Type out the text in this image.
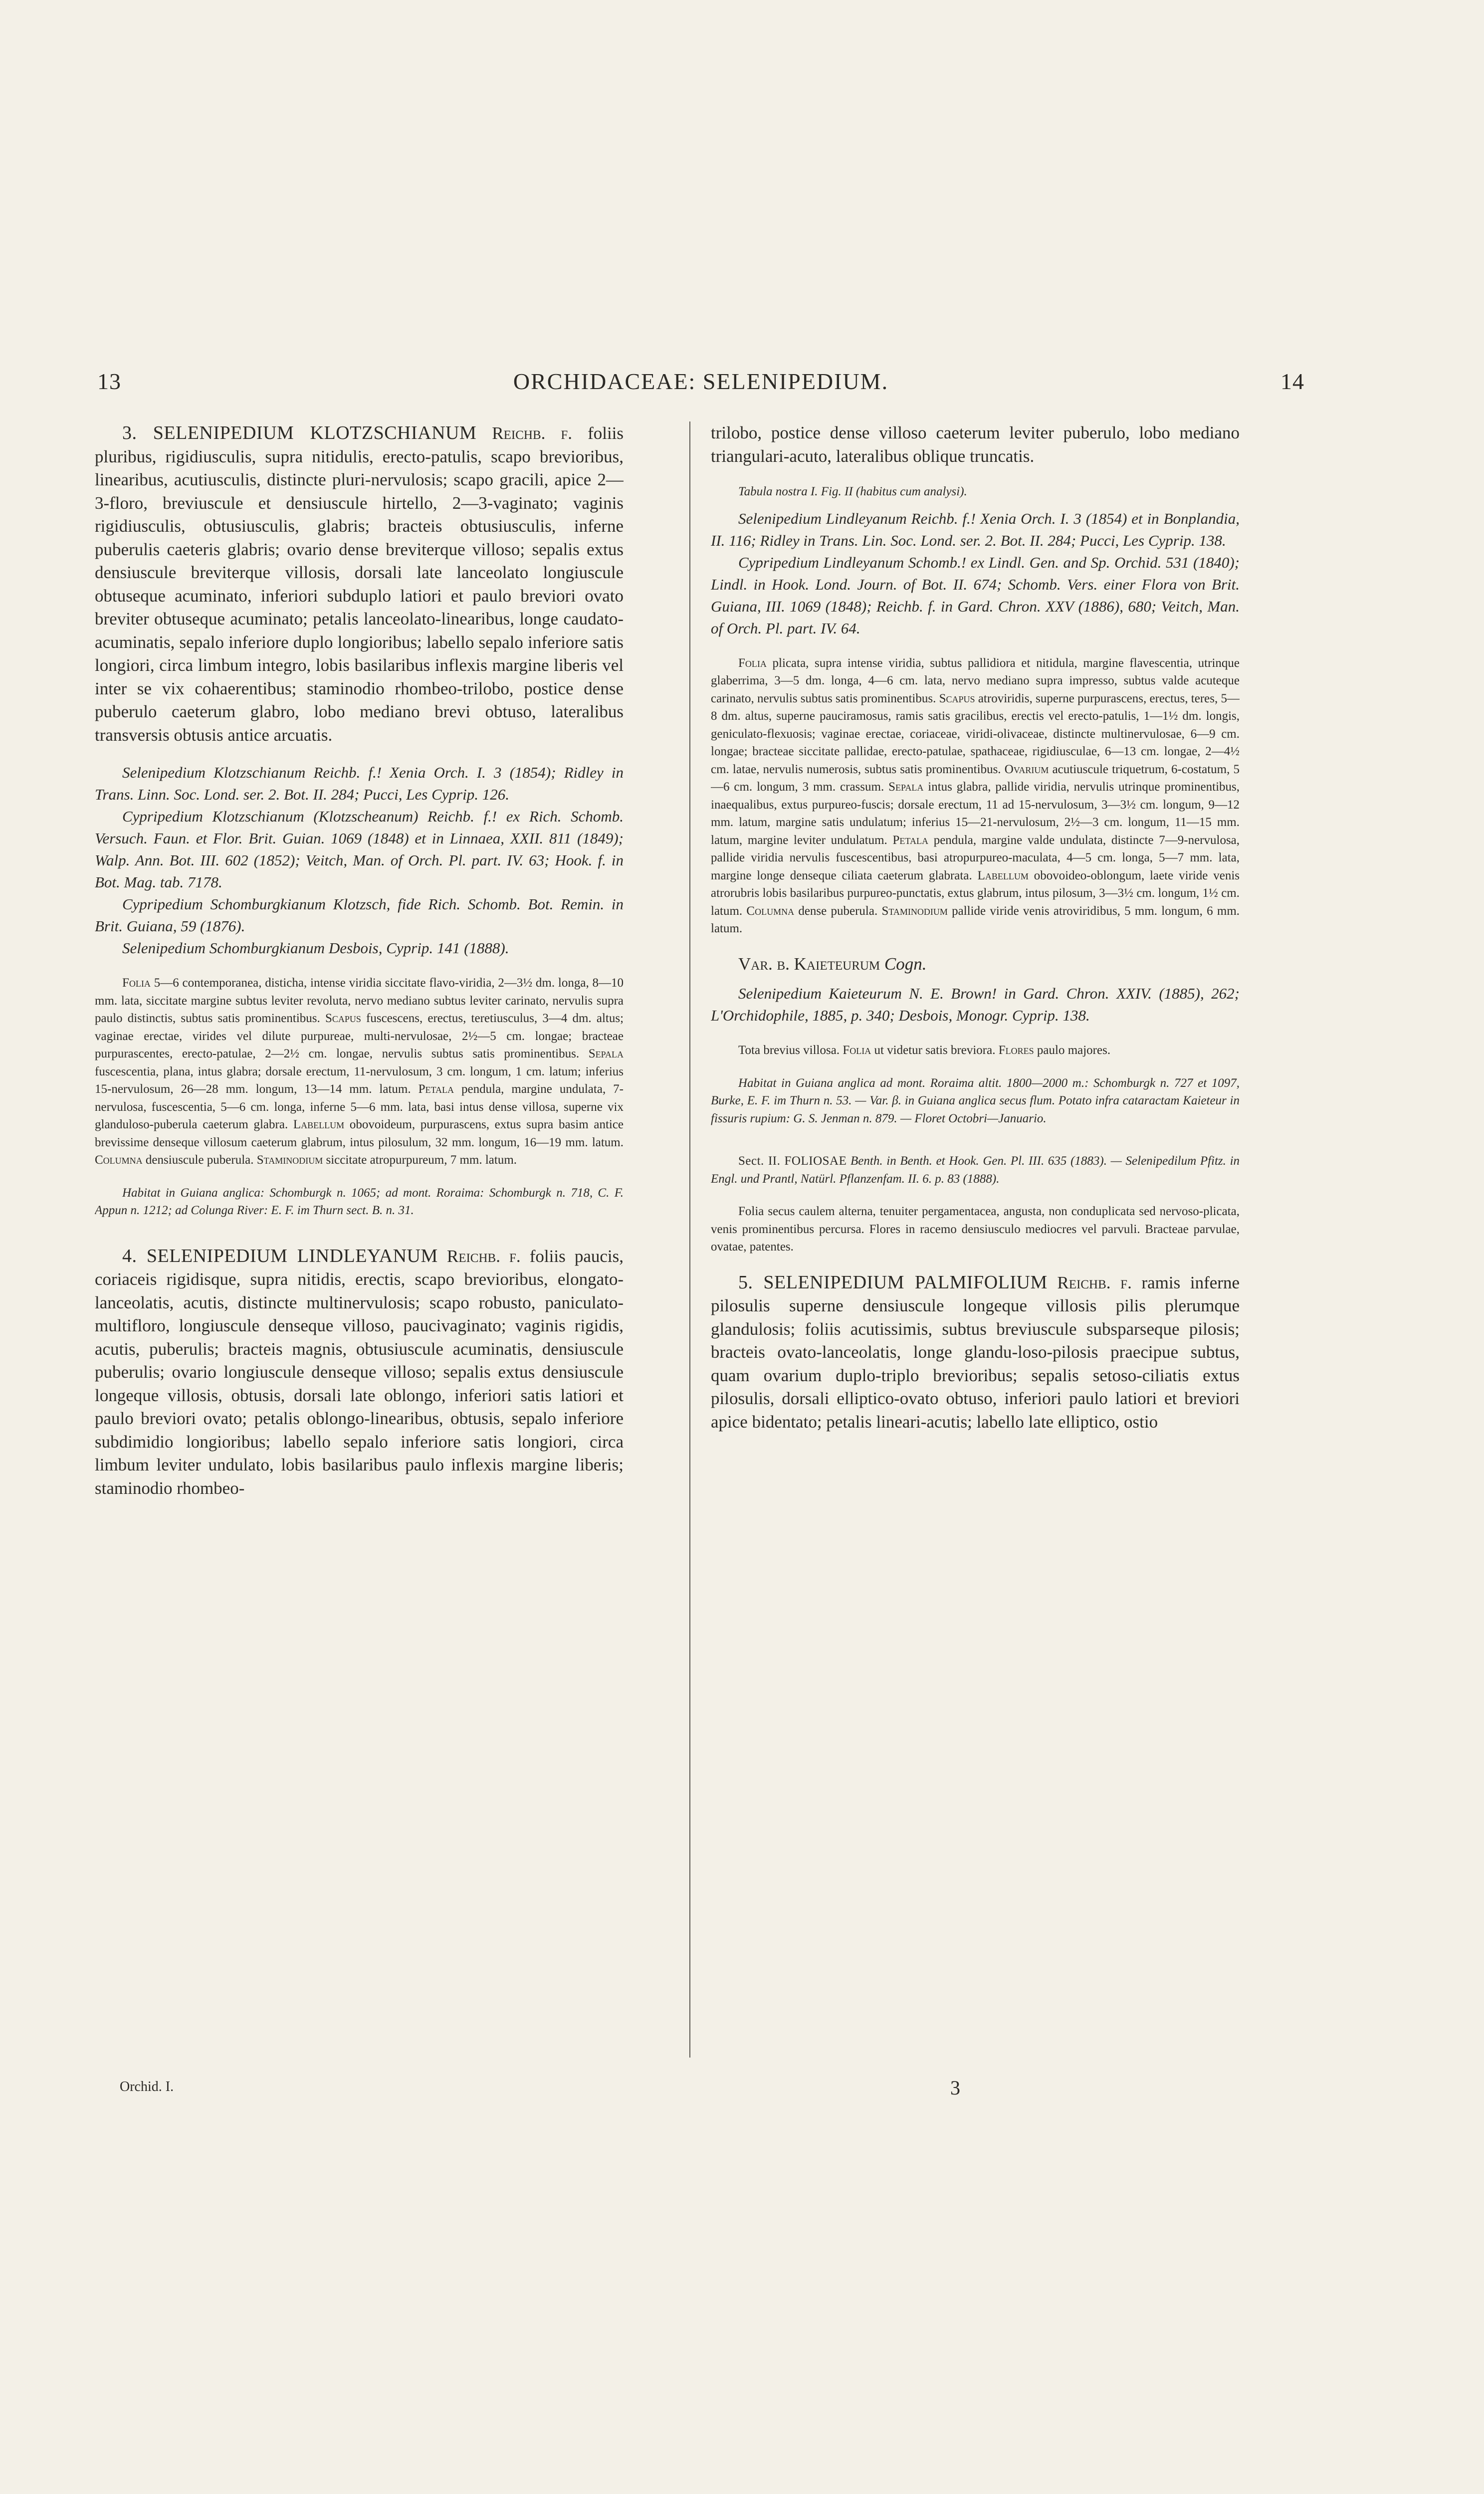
13	ORCHIDACEAE: SELENIPEDIUM.	14

3. SELENIPEDIUM KLOTZSCHIANUM Reichb. f. foliis pluribus, rigidiusculis, supra nitidulis, erecto-patulis, scapo brevioribus, linearibus, acutiusculis, distincte pluri-nervulosis; scapo gracili, apice 2—3-floro, breviuscule et densiuscule hirtello, 2—3-vaginato; vaginis rigidiusculis, obtusiusculis, glabris; bracteis obtusiusculis, inferne puberulis caeteris glabris; ovario dense breviterque villoso; sepalis extus densiuscule breviterque villosis, dorsali late lanceolato longiuscule obtuseque acuminato, inferiori subduplo latiori et paulo breviori ovato breviter obtuseque acuminato; petalis lanceolato-linearibus, longe caudato-acuminatis, sepalo inferiore duplo longioribus; labello sepalo inferiore satis longiori, circa limbum integro, lobis basilaribus inflexis margine liberis vel inter se vix cohaerentibus; staminodio rhombeo-trilobo, postice dense puberulo caeterum glabro, lobo mediano brevi obtuso, lateralibus transversis obtusis antice arcuatis.

Selenipedium Klotzschianum Reichb. f.! Xenia Orch. I. 3 (1854); Ridley in Trans. Linn. Soc. Lond. ser. 2. Bot. II. 284; Pucci, Les Cyprip. 126.

Cypripedium Klotzschianum (Klotzscheanum) Reichb. f.! ex Rich. Schomb. Versuch. Faun. et Flor. Brit. Guian. 1069 (1848) et in Linnaea, XXII. 811 (1849); Walp. Ann. Bot. III. 602 (1852); Veitch, Man. of Orch. Pl. part. IV. 63; Hook. f. in Bot. Mag. tab. 7178.

Cypripedium Schomburgkianum Klotzsch, fide Rich. Schomb. Bot. Remin. in Brit. Guiana, 59 (1876).

Selenipedium Schomburgkianum Desbois, Cyprip. 141 (1888).

Folia 5—6 contemporanea, disticha, intense viridia siccitate flavo-viridia, 2—3½ dm. longa, 8—10 mm. lata, siccitate margine subtus leviter revoluta, nervo mediano subtus leviter carinato, nervulis supra paulo distinctis, subtus satis prominentibus. Scapus fuscescens, erectus, teretiusculus, 3—4 dm. altus; vaginae erectae, virides vel dilute purpureae, multi-nervulosae, 2½—5 cm. longae; bracteae purpurascentes, erecto-patulae, 2—2½ cm. longae, nervulis subtus satis prominentibus. Sepala fuscescentia, plana, intus glabra; dorsale erectum, 11-nervulosum, 3 cm. longum, 1 cm. latum; inferius 15-nervulosum, 26—28 mm. longum, 13—14 mm. latum. Petala pendula, margine undulata, 7-nervulosa, fuscescentia, 5—6 cm. longa, inferne 5—6 mm. lata, basi intus dense villosa, superne vix glanduloso-puberula caeterum glabra. Labellum obovoideum, purpurascens, extus supra basim antice brevissime denseque villosum caeterum glabrum, intus pilosulum, 32 mm. longum, 16—19 mm. latum. Columna densiuscule puberula. Staminodium siccitate atropurpureum, 7 mm. latum.

Habitat in Guiana anglica: Schomburgk n. 1065; ad mont. Roraima: Schomburgk n. 718, C. F. Appun n. 1212; ad Colunga River: E. F. im Thurn sect. B. n. 31.

4. SELENIPEDIUM LINDLEYANUM Reichb. f. foliis paucis, coriaceis rigidisque, supra nitidis, erectis, scapo brevioribus, elongato-lanceolatis, acutis, distincte multinervulosis; scapo robusto, paniculato-multifloro, longiuscule denseque villoso, paucivaginato; vaginis rigidis, acutis, puberulis; bracteis magnis, obtusiuscule acuminatis, densiuscule puberulis; ovario longiuscule denseque villoso; sepalis extus densiuscule longeque villosis, obtusis, dorsali late oblongo, inferiori satis latiori et paulo breviori ovato; petalis oblongo-linearibus, obtusis, sepalo inferiore subdimidio longioribus; labello sepalo inferiore satis longiori, circa limbum leviter undulato, lobis basilaribus paulo inflexis margine liberis; staminodio rhombeo-

trilobo, postice dense villoso caeterum leviter puberulo, lobo mediano triangulari-acuto, lateralibus oblique truncatis.

Tabula nostra I. Fig. II (habitus cum analysi).

Selenipedium Lindleyanum Reichb. f.! Xenia Orch. I. 3 (1854) et in Bonplandia, II. 116; Ridley in Trans. Lin. Soc. Lond. ser. 2. Bot. II. 284; Pucci, Les Cyprip. 138.

Cypripedium Lindleyanum Schomb.! ex Lindl. Gen. and Sp. Orchid. 531 (1840); Lindl. in Hook. Lond. Journ. of Bot. II. 674; Schomb. Vers. einer Flora von Brit. Guiana, III. 1069 (1848); Reichb. f. in Gard. Chron. XXV (1886), 680; Veitch, Man. of Orch. Pl. part. IV. 64.

Folia plicata, supra intense viridia, subtus pallidiora et nitidula, margine flavescentia, utrinque glaberrima, 3—5 dm. longa, 4—6 cm. lata, nervo mediano supra impresso, subtus valde acuteque carinato, nervulis subtus satis prominentibus. Scapus atroviridis, superne purpurascens, erectus, teres, 5—8 dm. altus, superne pauciramosus, ramis satis gracilibus, erectis vel erecto-patulis, 1—1½ dm. longis, geniculato-flexuosis; vaginae erectae, coriaceae, viridi-olivaceae, distincte multinervulosae, 6—9 cm. longae; bracteae siccitate pallidae, erecto-patulae, spathaceae, rigidiusculae, 6—13 cm. longae, 2—4½ cm. latae, nervulis numerosis, subtus satis prominentibus. Ovarium acutiuscule triquetrum, 6-costatum, 5—6 cm. longum, 3 mm. crassum. Sepala intus glabra, pallide viridia, nervulis utrinque prominentibus, inaequalibus, extus purpureo-fuscis; dorsale erectum, 11 ad 15-nervulosum, 3—3½ cm. longum, 9—12 mm. latum, margine satis undulatum; inferius 15—21-nervulosum, 2½—3 cm. longum, 11—15 mm. latum, margine leviter undulatum. Petala pendula, margine valde undulata, distincte 7—9-nervulosa, pallide viridia nervulis fuscescentibus, basi atropurpureo-maculata, 4—5 cm. longa, 5—7 mm. lata, margine longe denseque ciliata caeterum glabrata. Labellum obovoideo-oblongum, laete viride venis atrorubris lobis basilaribus purpureo-punctatis, extus glabrum, intus pilosum, 3—3½ cm. longum, 1½ cm. latum. Columna dense puberula. Staminodium pallide viride venis atroviridibus, 5 mm. longum, 6 mm. latum.

Var. β. Kaieteurum Cogn.

Selenipedium Kaieteurum N. E. Brown! in Gard. Chron. XXIV. (1885), 262; L'Orchidophile, 1885, p. 340; Desbois, Monogr. Cyprip. 138.

Tota brevius villosa. Folia ut videtur satis breviora. Flores paulo majores.

Habitat in Guiana anglica ad mont. Roraima altit. 1800—2000 m.: Schomburgk n. 727 et 1097, Burke, E. F. im Thurn n. 53. — Var. β. in Guiana anglica secus flum. Potato infra cataractam Kaieteur in fissuris rupium: G. S. Jenman n. 879. — Floret Octobri—Januario.

Sect. II. FOLIOSAE Benth. in Benth. et Hook. Gen. Pl. III. 635 (1883). — Selenipedilum Pfitz. in Engl. und Prantl, Natürl. Pflanzenfam. II. 6. p. 83 (1888).

Folia secus caulem alterna, tenuiter pergamentacea, angusta, non conduplicata sed nervoso-plicata, venis prominentibus percursa. Flores in racemo densiusculo mediocres vel parvuli. Bracteae parvulae, ovatae, patentes.

5. SELENIPEDIUM PALMIFOLIUM Reichb. f. ramis inferne pilosulis superne densiuscule longeque villosis pilis plerumque glandulosis; foliis acutissimis, subtus breviuscule subsparseque pilosis; bracteis ovato-lanceolatis, longe glandu-loso-pilosis praecipue subtus, quam ovarium duplo-triplo brevioribus; sepalis setoso-ciliatis extus pilosulis, dorsali elliptico-ovato obtuso, inferiori paulo latiori et breviori apice bidentato; petalis lineari-acutis; labello late elliptico, ostio

Orchid. I.	3
